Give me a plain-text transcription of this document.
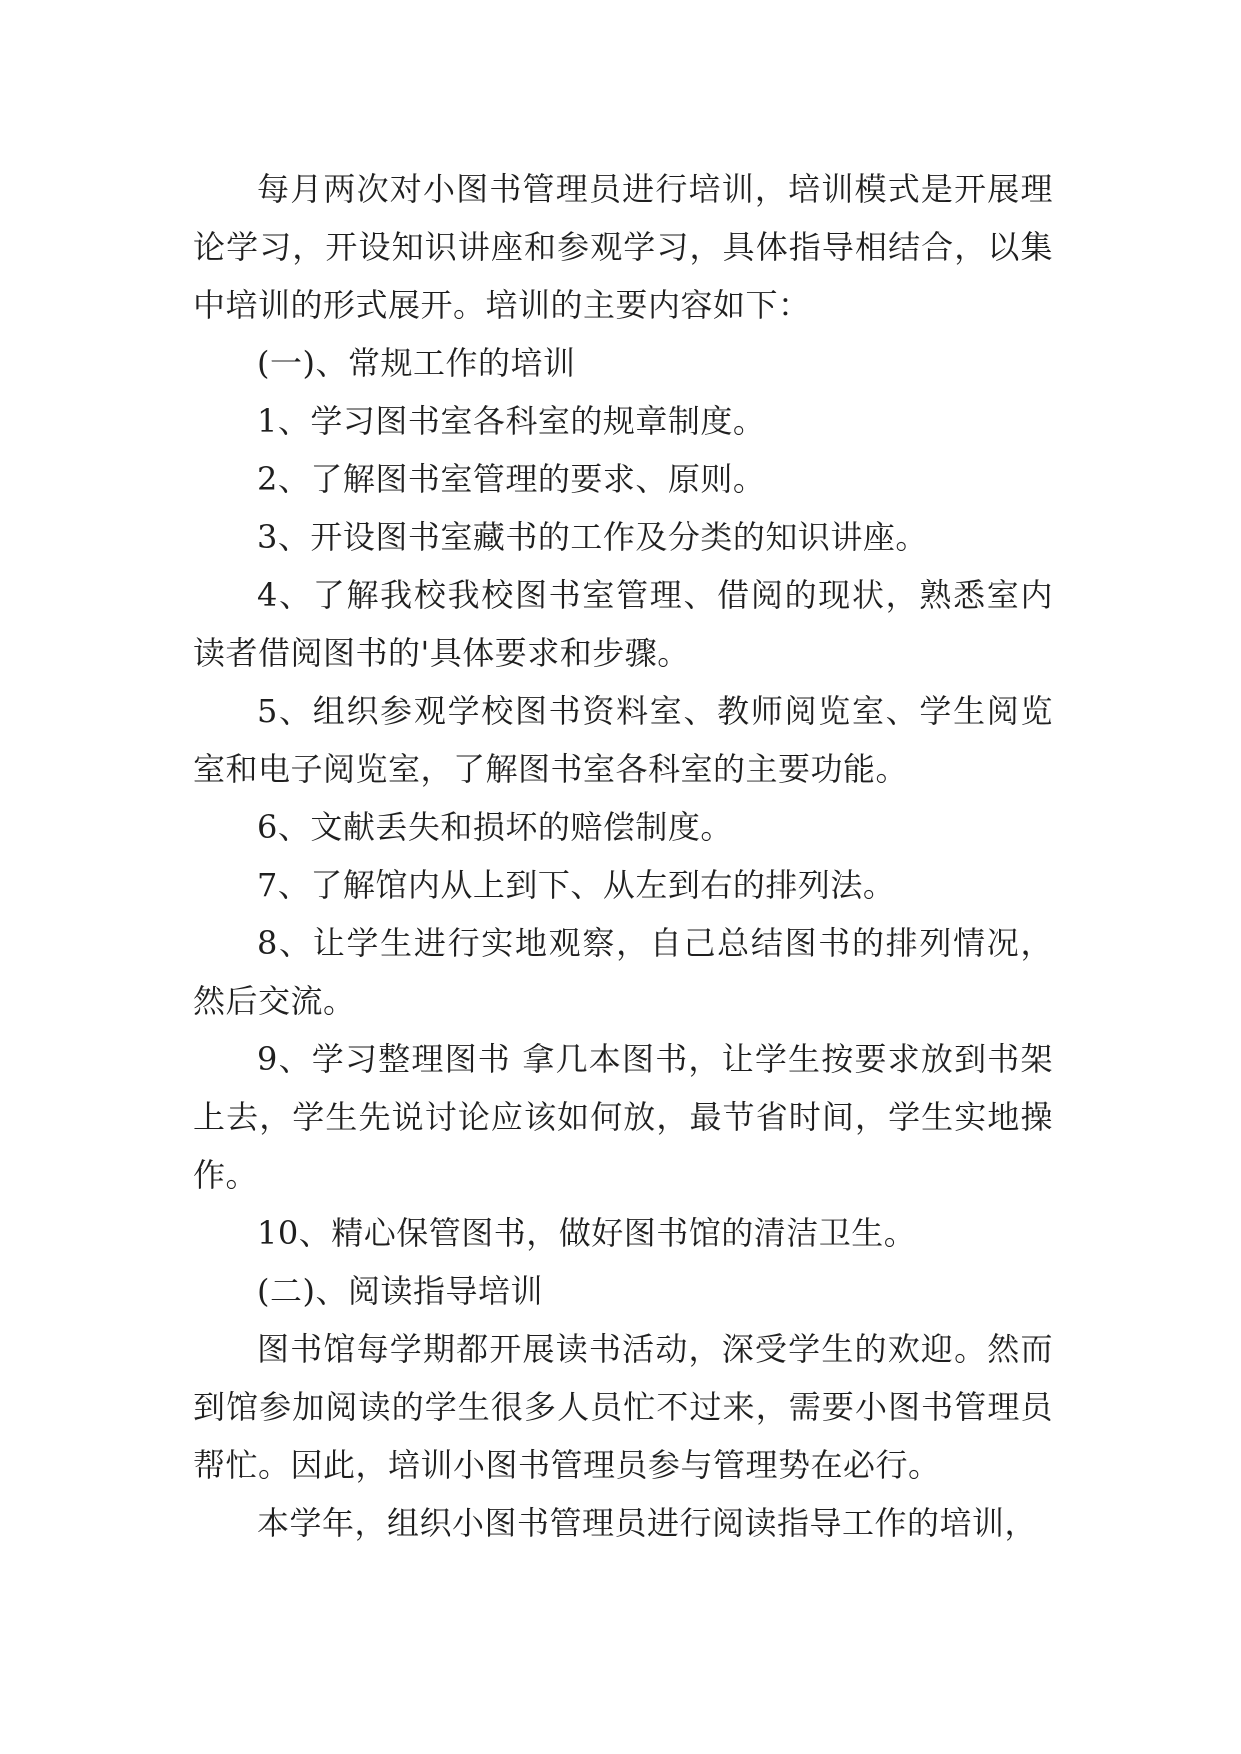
每月两次对小图书管理员进行培训，培训模式是开展理论学习，开设知识讲座和参观学习，具体指导相结合，以集中培训的形式展开。培训的主要内容如下：

(一)、常规工作的培训

1、学习图书室各科室的规章制度。

2、了解图书室管理的要求、原则。

3、开设图书室藏书的工作及分类的知识讲座。

4、了解我校我校图书室管理、借阅的现状，熟悉室内读者借阅图书的'具体要求和步骤。

5、组织参观学校图书资料室、教师阅览室、学生阅览室和电子阅览室，了解图书室各科室的主要功能。

6、文献丢失和损坏的赔偿制度。

7、了解馆内从上到下、从左到右的排列法。

8、让学生进行实地观察，自己总结图书的排列情况，然后交流。

9、学习整理图书 拿几本图书，让学生按要求放到书架上去，学生先说讨论应该如何放，最节省时间，学生实地操作。

10、精心保管图书，做好图书馆的清洁卫生。

(二)、阅读指导培训

图书馆每学期都开展读书活动，深受学生的欢迎。然而到馆参加阅读的学生很多人员忙不过来，需要小图书管理员帮忙。因此，培训小图书管理员参与管理势在必行。

本学年，组织小图书管理员进行阅读指导工作的培训，
